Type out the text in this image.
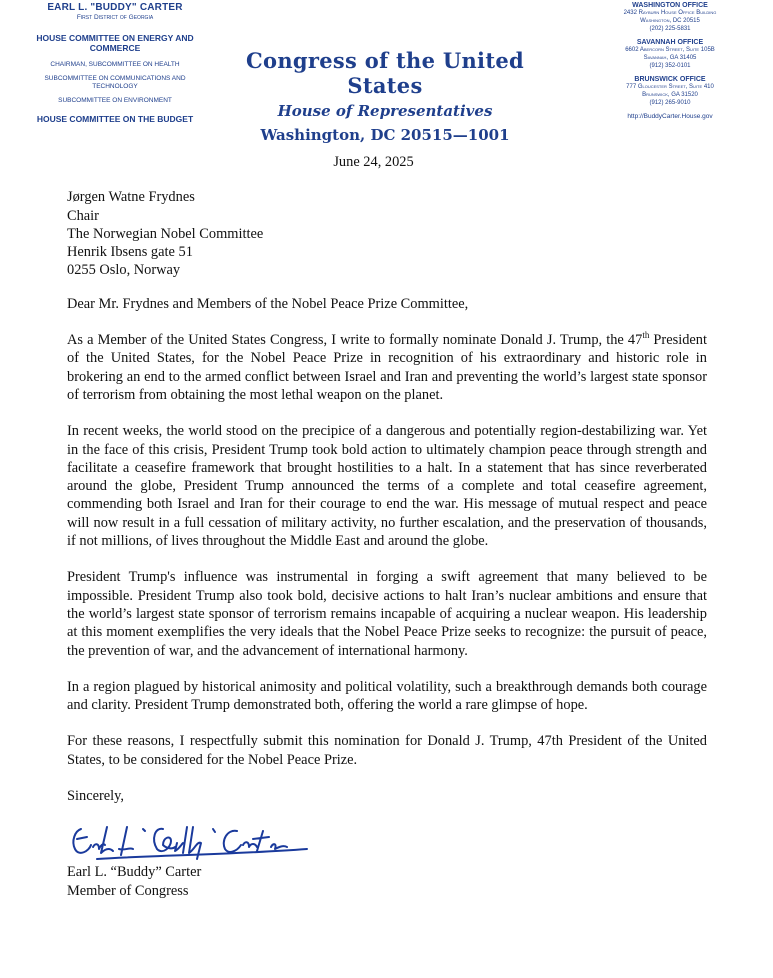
EARL L. "BUDDY" CARTER
First District of Georgia
HOUSE COMMITTEE ON ENERGY AND COMMERCE
CHAIRMAN, SUBCOMMITTEE ON HEALTH
SUBCOMMITTEE ON COMMUNICATIONS AND TECHNOLOGY
SUBCOMMITTEE ON ENVIRONMENT
HOUSE COMMITTEE ON THE BUDGET
Congress of the United States
House of Representatives
Washington, DC 20515—1001
WASHINGTON OFFICE
2432 Rayburn House Office Building
Washington, DC 20515
(202) 225-5831
SAVANNAH OFFICE
6602 Abercorn Street, Suite 105B
Savannah, GA 31405
(912) 352-0101
BRUNSWICK OFFICE
777 Gloucester Street, Suite 410
Brunswick, GA 31520
(912) 265-9010
http://BuddyCarter.House.gov
June 24, 2025
Jørgen Watne Frydnes
Chair
The Norwegian Nobel Committee
Henrik Ibsens gate 51
0255 Oslo, Norway
Dear Mr. Frydnes and Members of the Nobel Peace Prize Committee,
As a Member of the United States Congress, I write to formally nominate Donald J. Trump, the 47th President of the United States, for the Nobel Peace Prize in recognition of his extraordinary and historic role in brokering an end to the armed conflict between Israel and Iran and preventing the world’s largest state sponsor of terrorism from obtaining the most lethal weapon on the planet.
In recent weeks, the world stood on the precipice of a dangerous and potentially region-destabilizing war. Yet in the face of this crisis, President Trump took bold action to ultimately champion peace through strength and facilitate a ceasefire framework that brought hostilities to a halt. In a statement that has since reverberated around the globe, President Trump announced the terms of a complete and total ceasefire agreement, commending both Israel and Iran for their courage to end the war. His message of mutual respect and peace will now result in a full cessation of military activity, no further escalation, and the preservation of thousands, if not millions, of lives throughout the Middle East and around the globe.
President Trump's influence was instrumental in forging a swift agreement that many believed to be impossible. President Trump also took bold, decisive actions to halt Iran’s nuclear ambitions and ensure that the world’s largest state sponsor of terrorism remains incapable of acquiring a nuclear weapon. His leadership at this moment exemplifies the very ideals that the Nobel Peace Prize seeks to recognize: the pursuit of peace, the prevention of war, and the advancement of international harmony.
In a region plagued by historical animosity and political volatility, such a breakthrough demands both courage and clarity. President Trump demonstrated both, offering the world a rare glimpse of hope.
For these reasons, I respectfully submit this nomination for Donald J. Trump, 47th President of the United States, to be considered for the Nobel Peace Prize.
Sincerely,
Earl L. “Buddy” Carter
Member of Congress
